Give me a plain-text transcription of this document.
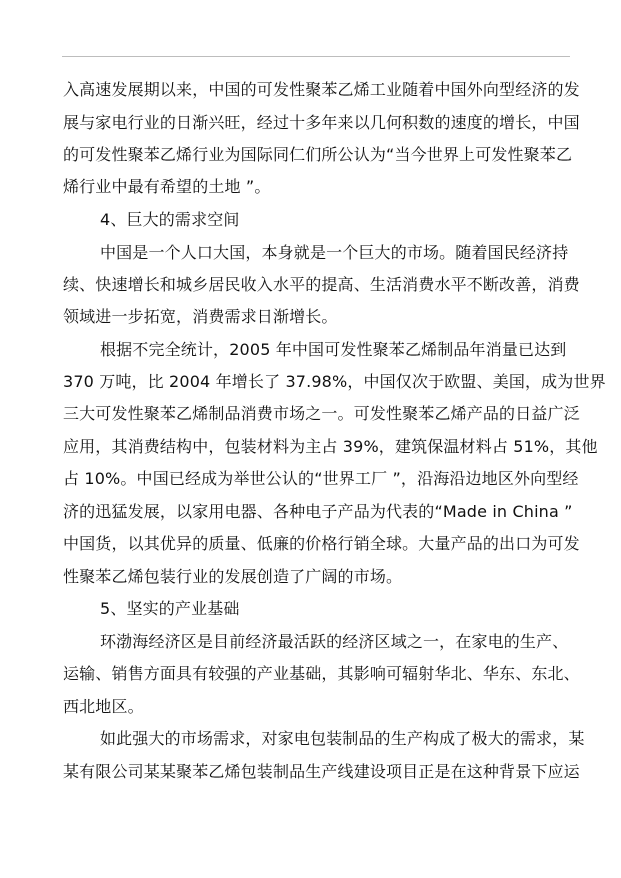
入高速发展期以来，中国的可发性聚苯乙烯工业随着中国外向型经济的发
展与家电行业的日渐兴旺，经过十多年来以几何积数的速度的增长，中国
的可发性聚苯乙烯行业为国际同仁们所公认为“当今世界上可发性聚苯乙
烯行业中最有希望的土地 ”。
4、巨大的需求空间
中国是一个人口大国，本身就是一个巨大的市场。随着国民经济持
续、快速增长和城乡居民收入水平的提高、生活消费水平不断改善，消费
领域进一步拓宽，消费需求日渐增长。
根据不完全统计，2005 年中国可发性聚苯乙烯制品年消量已达到
370 万吨，比 2004 年增长了 37.98%，中国仅次于欧盟、美国，成为世界
三大可发性聚苯乙烯制品消费市场之一。可发性聚苯乙烯产品的日益广泛
应用，其消费结构中，包装材料为主占 39%，建筑保温材料占 51%，其他
占 10%。中国已经成为举世公认的“世界工厂 ”，沿海沿边地区外向型经
济的迅猛发展，以家用电器、各种电子产品为代表的“Made in China ”
中国货，以其优异的质量、低廉的价格行销全球。大量产品的出口为可发
性聚苯乙烯包装行业的发展创造了广阔的市场。
5、坚实的产业基础
环渤海经济区是目前经济最活跃的经济区域之一，在家电的生产、
运输、销售方面具有较强的产业基础，其影响可辐射华北、华东、东北、
西北地区。
如此强大的市场需求，对家电包装制品的生产构成了极大的需求，某
某有限公司某某聚苯乙烯包装制品生产线建设项目正是在这种背景下应运
